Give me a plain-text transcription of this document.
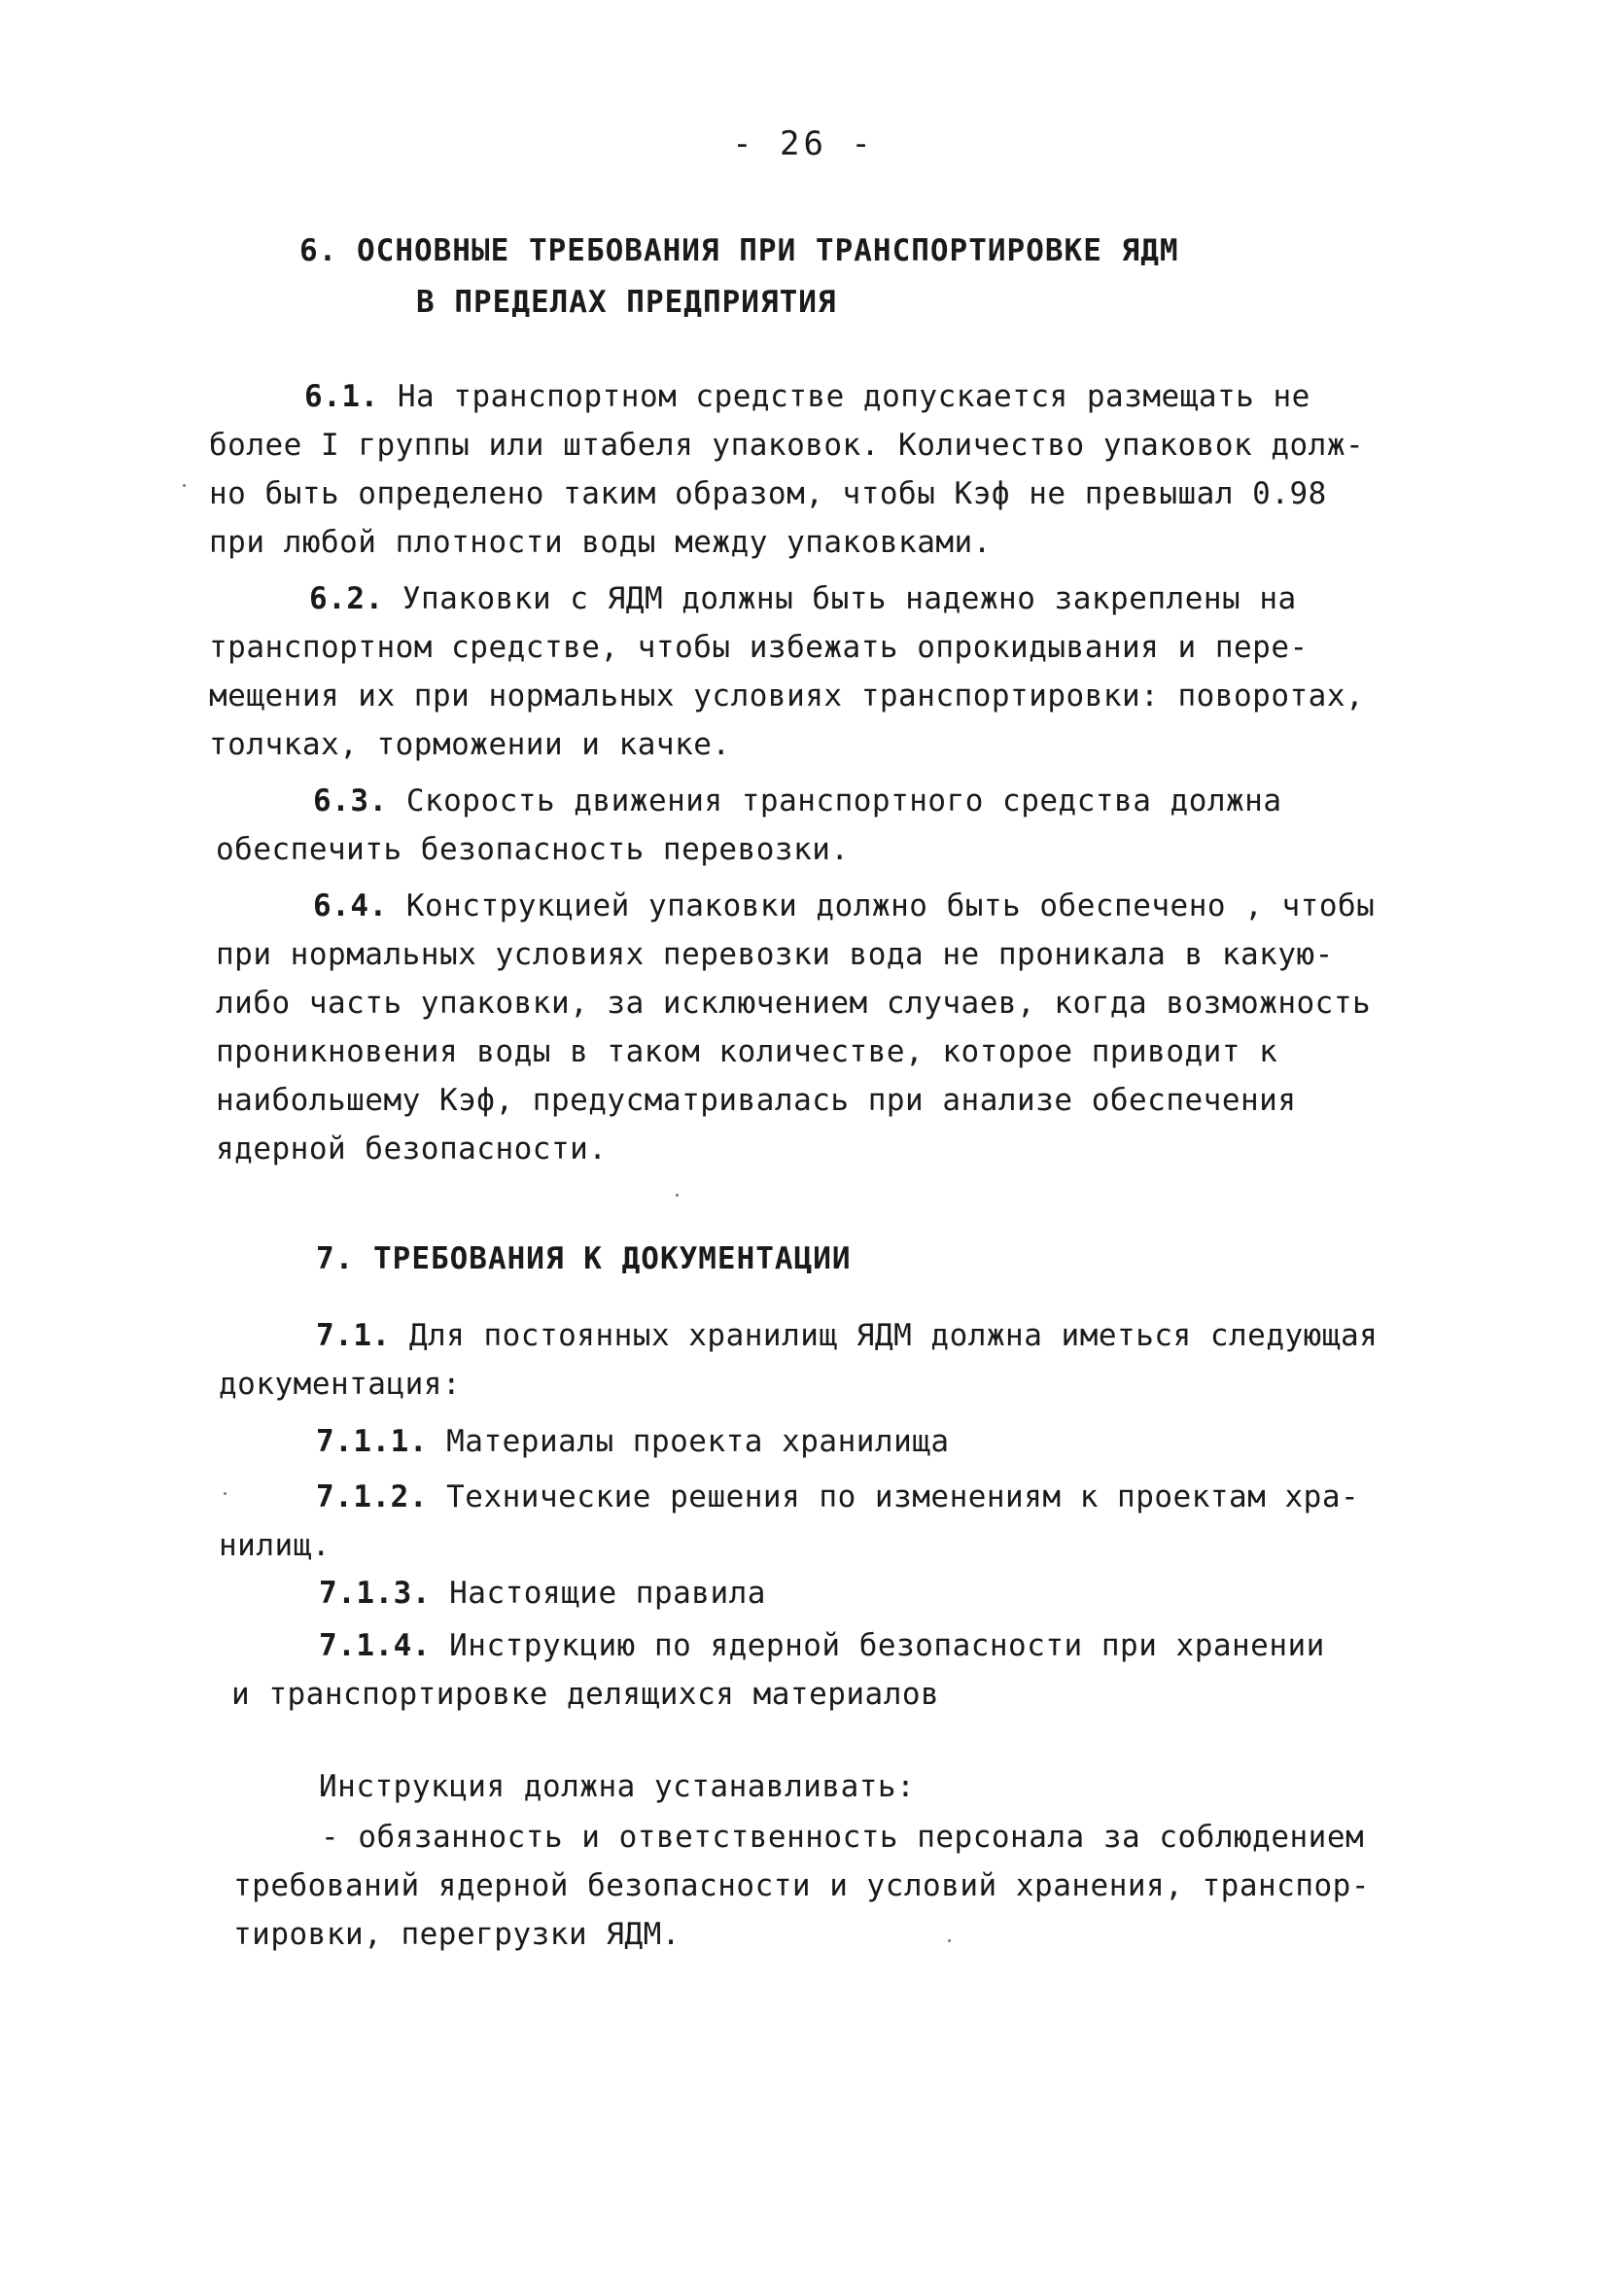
- 26 -
6. ОСНОВНЫЕ ТРЕБОВАНИЯ ПРИ ТРАНСПОРТИРОВКЕ ЯДМ
В ПРЕДЕЛАХ ПРЕДПРИЯТИЯ
6.1. На транспортном средстве допускается размещать не
более I группы или штабеля упаковок. Количество упаковок долж-
но быть определено таким образом, чтобы Кэф не превышал 0.98
при любой плотности воды между упаковками.
6.2. Упаковки с ЯДМ должны быть надежно закреплены на
транспортном средстве, чтобы избежать опрокидывания и пере-
мещения их при нормальных условиях транспортировки: поворотах,
толчках, торможении и качке.
6.3. Скорость движения транспортного средства должна
обеспечить безопасность перевозки.
6.4. Конструкцией упаковки должно быть обеспечено , чтобы
при нормальных условиях перевозки вода не проникала в какую-
либо часть упаковки, за исключением случаев, когда возможность
проникновения воды в таком количестве, которое приводит к
наибольшему Кэф, предусматривалась при анализе обеспечения
ядерной безопасности.
7. ТРЕБОВАНИЯ К ДОКУМЕНТАЦИИ
7.1. Для постоянных хранилищ ЯДМ должна иметься следующая
документация:
7.1.1. Материалы проекта хранилища
7.1.2. Технические решения по изменениям к проектам хра-
нилищ.
7.1.3. Настоящие правила
7.1.4. Инструкцию по ядерной безопасности при хранении
и транспортировке делящихся материалов
Инструкция должна устанавливать:
- обязанность и ответственность персонала за соблюдением
требований ядерной безопасности и условий хранения, транспор-
тировки, перегрузки ЯДМ.
